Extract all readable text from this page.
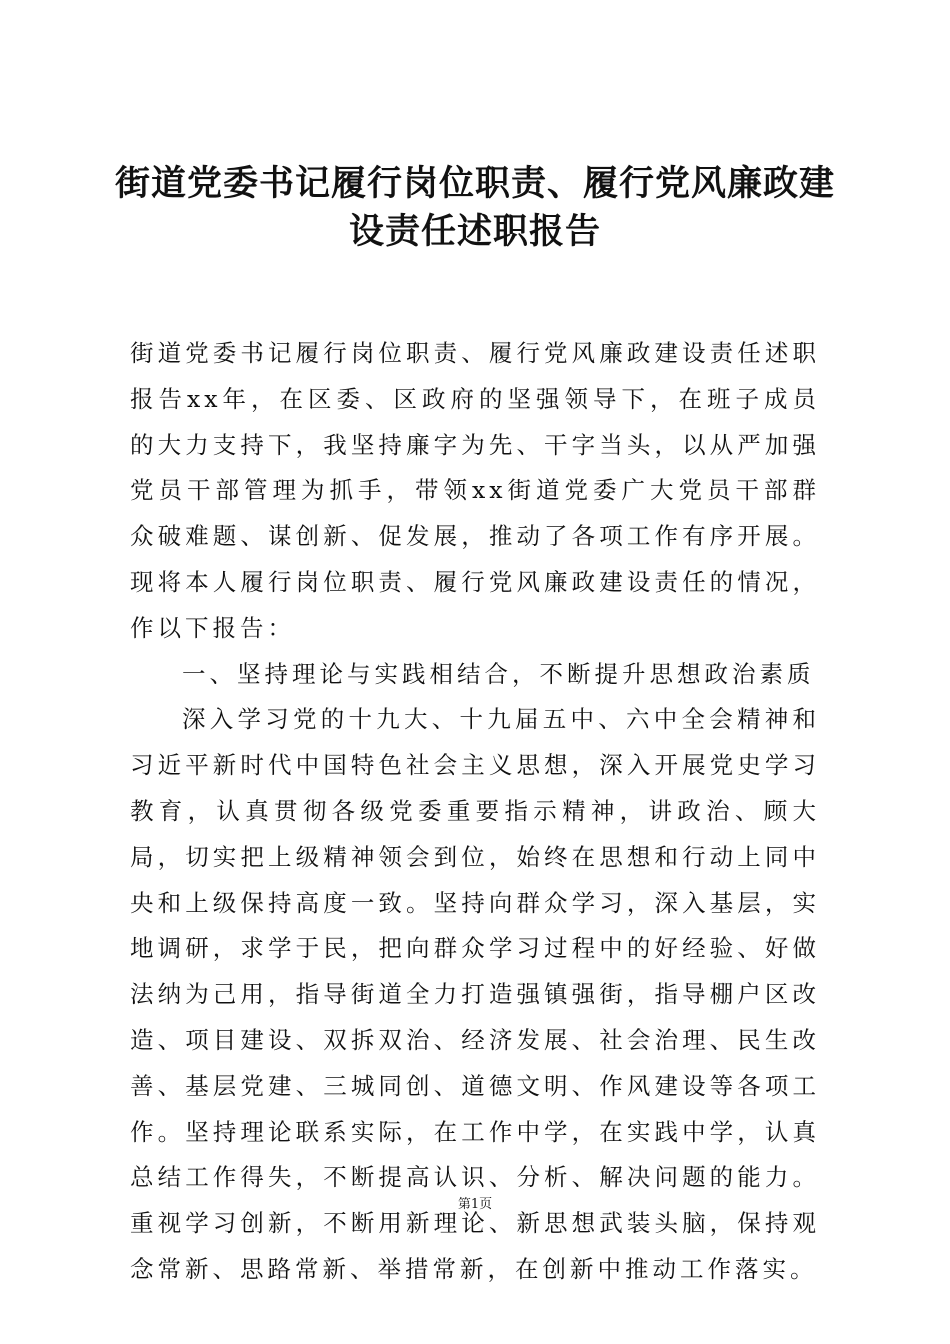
街道党委书记履行岗位职责、履行党风廉政建设责任述职报告

街道党委书记履行岗位职责、履行党风廉政建设责任述职报告xx年，在区委、区政府的坚强领导下，在班子成员的大力支持下，我坚持廉字为先、干字当头，以从严加强党员干部管理为抓手，带领xx街道党委广大党员干部群众破难题、谋创新、促发展，推动了各项工作有序开展。现将本人履行岗位职责、履行党风廉政建设责任的情况，作以下报告：

一、坚持理论与实践相结合，不断提升思想政治素质

深入学习党的十九大、十九届五中、六中全会精神和习近平新时代中国特色社会主义思想，深入开展党史学习教育，认真贯彻各级党委重要指示精神，讲政治、顾大局，切实把上级精神领会到位，始终在思想和行动上同中央和上级保持高度一致。坚持向群众学习，深入基层，实地调研，求学于民，把向群众学习过程中的好经验、好做法纳为己用，指导街道全力打造强镇强街，指导棚户区改造、项目建设、双拆双治、经济发展、社会治理、民生改善、基层党建、三城同创、道德文明、作风建设等各项工作。坚持理论联系实际，在工作中学，在实践中学，认真总结工作得失，不断提高认识、分析、解决问题的能力。重视学习创新，不断用新理论、新思想武装头脑，保持观念常新、思路常新、举措常新，在创新中推动工作落实。

第1页
